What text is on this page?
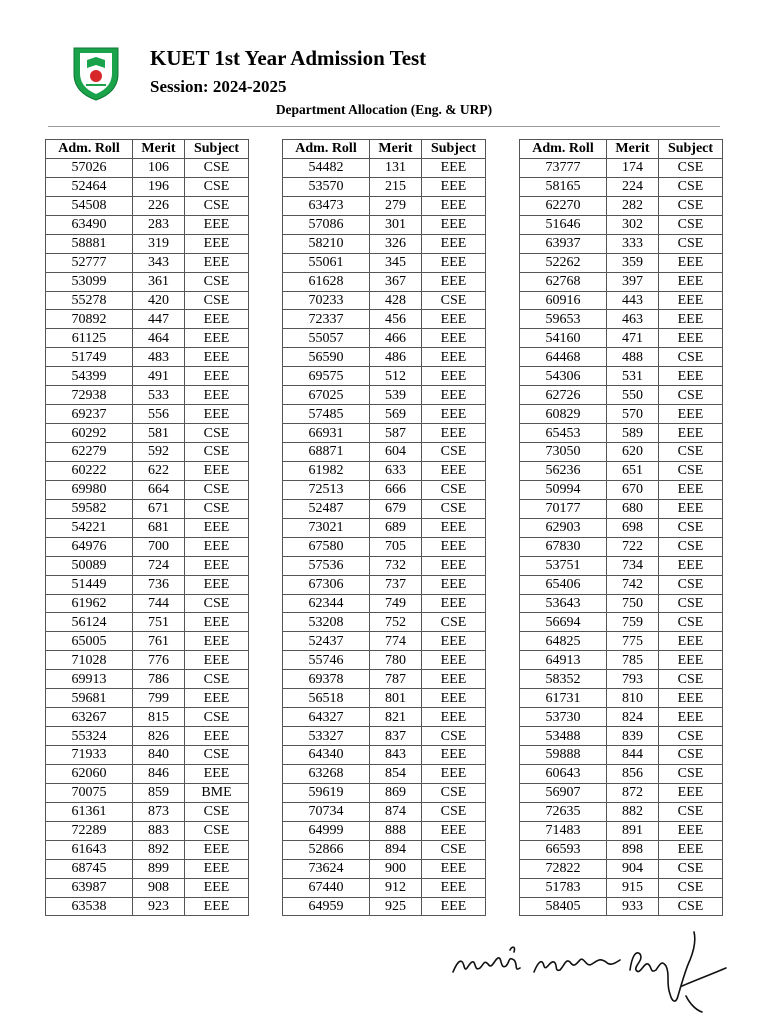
KUET 1st Year Admission Test
Session: 2024-2025
Department Allocation (Eng. & URP)
Adm. Roll	Merit	Subject
57026	106	CSE
52464	196	CSE
54508	226	CSE
63490	283	EEE
58881	319	EEE
52777	343	EEE
53099	361	CSE
55278	420	CSE
70892	447	EEE
61125	464	EEE
51749	483	EEE
54399	491	EEE
72938	533	EEE
69237	556	EEE
60292	581	CSE
62279	592	CSE
60222	622	EEE
69980	664	CSE
59582	671	CSE
54221	681	EEE
64976	700	EEE
50089	724	EEE
51449	736	EEE
61962	744	CSE
56124	751	EEE
65005	761	EEE
71028	776	EEE
69913	786	CSE
59681	799	EEE
63267	815	CSE
55324	826	EEE
71933	840	CSE
62060	846	EEE
70075	859	BME
61361	873	CSE
72289	883	CSE
61643	892	EEE
68745	899	EEE
63987	908	EEE
63538	923	EEE
Adm. Roll	Merit	Subject
54482	131	EEE
53570	215	EEE
63473	279	EEE
57086	301	EEE
58210	326	EEE
55061	345	EEE
61628	367	EEE
70233	428	CSE
72337	456	EEE
55057	466	EEE
56590	486	EEE
69575	512	EEE
67025	539	EEE
57485	569	EEE
66931	587	EEE
68871	604	CSE
61982	633	EEE
72513	666	CSE
52487	679	CSE
73021	689	EEE
67580	705	EEE
57536	732	EEE
67306	737	EEE
62344	749	EEE
53208	752	CSE
52437	774	EEE
55746	780	EEE
69378	787	EEE
56518	801	EEE
64327	821	EEE
53327	837	CSE
64340	843	EEE
63268	854	EEE
59619	869	CSE
70734	874	CSE
64999	888	EEE
52866	894	CSE
73624	900	EEE
67440	912	EEE
64959	925	EEE
Adm. Roll	Merit	Subject
73777	174	CSE
58165	224	CSE
62270	282	CSE
51646	302	CSE
63937	333	CSE
52262	359	EEE
62768	397	EEE
60916	443	EEE
59653	463	EEE
54160	471	EEE
64468	488	CSE
54306	531	EEE
62726	550	CSE
60829	570	EEE
65453	589	EEE
73050	620	CSE
56236	651	CSE
50994	670	EEE
70177	680	EEE
62903	698	CSE
67830	722	CSE
53751	734	EEE
65406	742	CSE
53643	750	CSE
56694	759	CSE
64825	775	EEE
64913	785	EEE
58352	793	CSE
61731	810	EEE
53730	824	EEE
53488	839	CSE
59888	844	CSE
60643	856	CSE
56907	872	EEE
72635	882	CSE
71483	891	EEE
66593	898	EEE
72822	904	CSE
51783	915	CSE
58405	933	CSE
